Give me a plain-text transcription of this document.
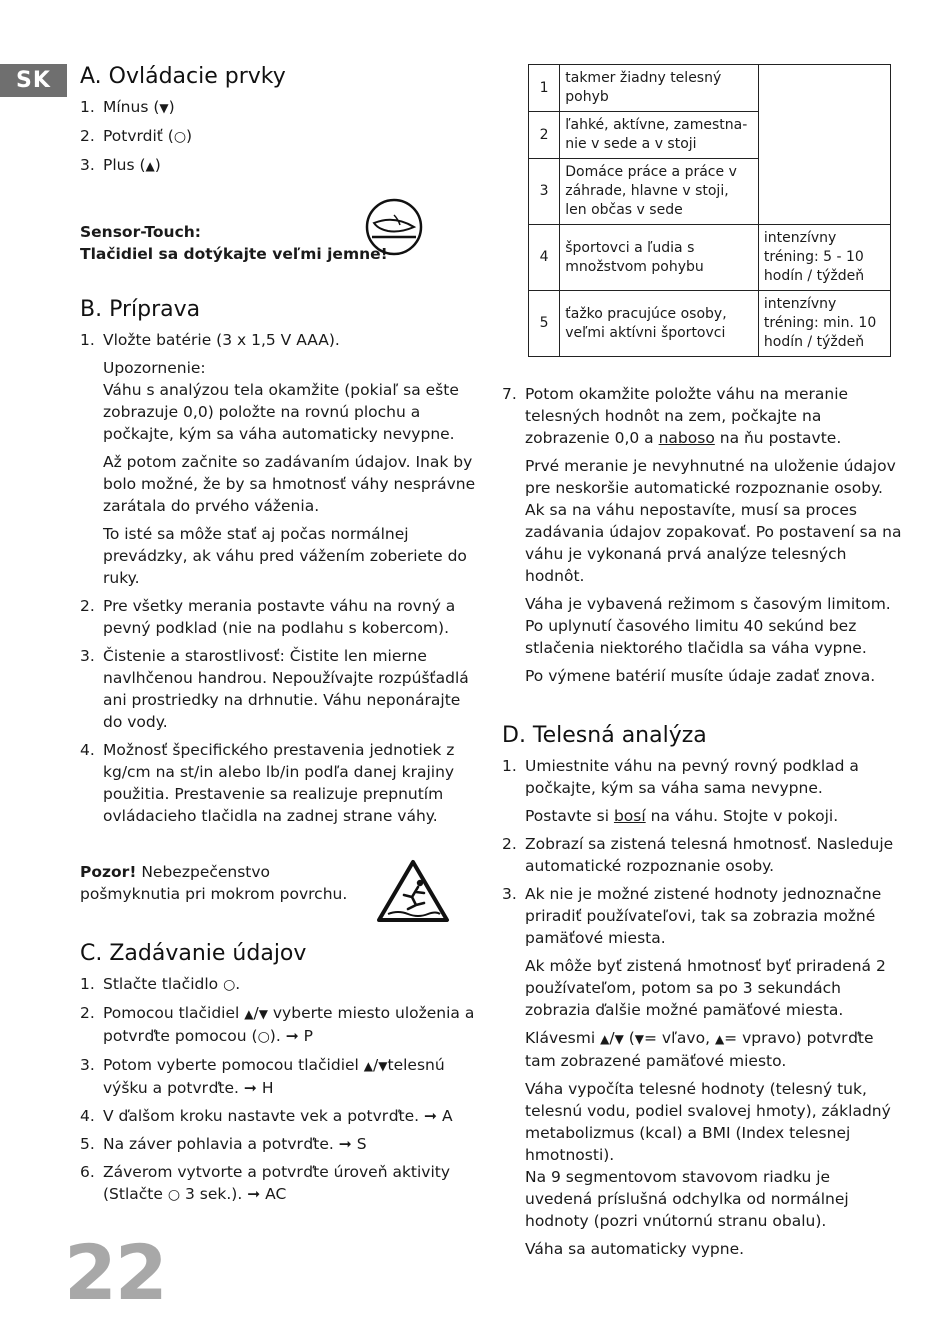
SK	A. Ovládacie prvky
1. Mínus (▼)
2. Potvrdiť (○)
3. Plus (▲)
Sensor-Touch:
Tlačidiel sa dotýkajte veľmi jemne!
B. Príprava
1. Vložte batérie (3 x 1,5 V AAA).
Upozornenie:
Váhu s analýzou tela okamžite (pokiaľ sa ešte zobrazuje 0,0) položte na rovnú plochu a počkajte, kým sa váha automaticky nevypne.
Až potom začnite so zadávaním údajov. Inak by bolo možné, že by sa hmotnosť váhy nesprávne zarátala do prvého váženia.
To isté sa môže stať aj počas normálnej prevádzky, ak váhu pred vážením zoberiete do ruky.
2. Pre všetky merania postavte váhu na rovný a pevný podklad (nie na podlahu s kobercom).
3. Čistenie a starostlivosť: Čistite len mierne navlhčenou handrou. Nepoužívajte rozpúšťadlá ani prostriedky na drhnutie. Váhu neponárajte do vody.
4. Možnosť špecifického prestavenia jednotiek z kg/cm na st/in alebo lb/in podľa danej krajiny použitia. Prestavenie sa realizuje prepnutím ovládacieho tlačidla na zadnej strane váhy.
Pozor! Nebezpečenstvo pošmyknutia pri mokrom povrchu.
C. Zadávanie údajov
1. Stlačte tlačidlo ○.
2. Pomocou tlačidiel ▲/▼ vyberte miesto uloženia a potvrďte pomocou (○). ➞ P
3. Potom vyberte pomocou tlačidiel ▲/▼telesnú výšku a potvrďte. ➞ H
4. V ďalšom kroku nastavte vek a potvrďte. ➞ A
5. Na záver pohlavia a potvrďte. ➞ S
6. Záverom vytvorte a potvrďte úroveň aktivity (Stlačte ○ 3 sek.). ➞ AC
1	takmer žiadny telesný pohyb	
2	ľahké, aktívne, zamestna-nie v sede a v stoji	
3	Domáce práce a práce v záhrade, hlavne v stoji, len občas v sede	
4	športovci a ľudia s množstvom pohybu	intenzívny tréning: 5 - 10 hodín / týždeň
5	ťažko pracujúce osoby, veľmi aktívni športovci	intenzívny tréning: min. 10 hodín / týždeň
7. Potom okamžite položte váhu na meranie telesných hodnôt na zem, počkajte na zobrazenie 0,0 a naboso na ňu postavte.
Prvé meranie je nevyhnutné na uloženie údajov pre neskoršie automatické rozpoznanie osoby. Ak sa na váhu nepostavíte, musí sa proces zadávania údajov zopakovať. Po postavení sa na váhu je vykonaná prvá analýze telesných hodnôt.
Váha je vybavená režimom s časovým limitom. Po uplynutí časového limitu 40 sekúnd bez stlačenia niektorého tlačidla sa váha vypne.
Po výmene batérií musíte údaje zadať znova.
D. Telesná analýza
1. Umiestnite váhu na pevný rovný podklad a počkajte, kým sa váha sama nevypne.
Postavte si bosí na váhu. Stojte v pokoji.
2. Zobrazí sa zistená telesná hmotnosť. Nasleduje automatické rozpoznanie osoby.
3. Ak nie je možné zistené hodnoty jednoznačne priradiť používateľovi, tak sa zobrazia možné pamäťové miesta.
Ak môže byť zistená hmotnosť byť priradená 2 používateľom, potom sa po 3 sekundách zobrazia ďalšie možné pamäťové miesta.
Klávesmi ▲/▼ (▼= vľavo, ▲= vpravo) potvrďte tam zobrazené pamäťové miesto.
Váha vypočíta telesné hodnoty (telesný tuk, telesnú vodu, podiel svalovej hmoty), základný metabolizmus (kcal) a BMI (Index telesnej hmotnosti).
Na 9 segmentovom stavovom riadku je uvedená príslušná odchylka od normálnej hodnoty (pozri vnútornú stranu obalu).
Váha sa automaticky vypne.
22
